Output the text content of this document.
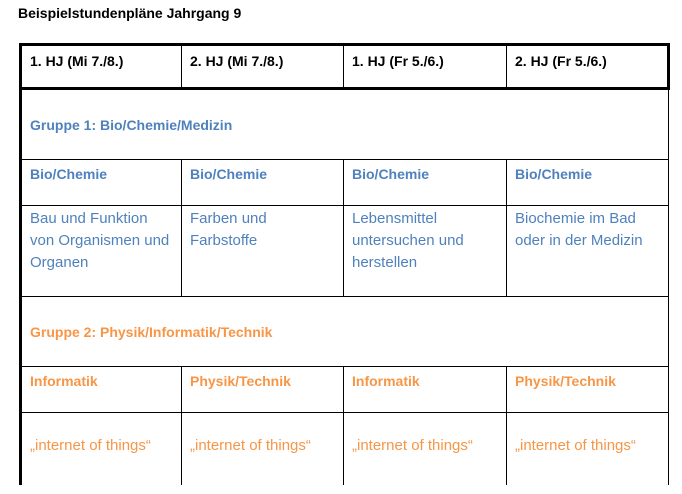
Beispielstundenpläne Jahrgang 9
1. HJ (Mi 7./8.)	2. HJ (Mi 7./8.)	1. HJ (Fr 5./6.)	2. HJ (Fr 5./6.)
Gruppe 1: Bio/Chemie/Medizin			
Bio/Chemie	Bio/Chemie	Bio/Chemie	Bio/Chemie
Bau und Funktion von Organismen und Organen	Farben und Farbstoffe	Lebensmittel untersuchen und herstellen	Biochemie im Bad oder in der Medizin
Gruppe 2: Physik/Informatik/Technik			
Informatik	Physik/Technik	Informatik	Physik/Technik
„internet of things“	„internet of things“	„internet of things“	„internet of things“
